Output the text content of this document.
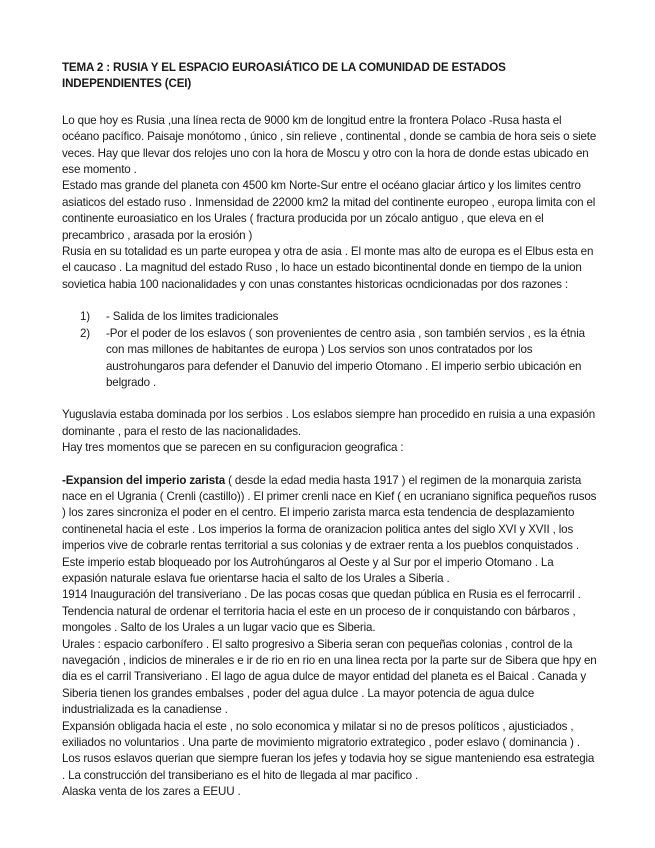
TEMA 2 : RUSIA Y EL ESPACIO EUROASIÁTICO DE LA COMUNIDAD DE ESTADOS INDEPENDIENTES (CEI)

Lo que hoy es Rusia ,una línea recta de 9000 km de longitud entre la frontera Polaco -Rusa hasta el océano pacífico. Paisaje monótomo , único , sin relieve , continental , donde se cambia de hora seis o siete veces. Hay que llevar dos relojes uno con la hora de Moscu y otro con la hora de donde estas ubicado en ese momento .

Estado mas grande del planeta con 4500 km Norte-Sur entre el océano glaciar ártico y los limites centro asiaticos del estado ruso . Inmensidad de 22000 km2 la mitad del continente europeo , europa limita con el continente euroasiatico en los Urales ( fractura producida por un zócalo antiguo , que eleva en el precambrico , arasada por la erosión )

Rusia en su totalidad es un parte europea y otra de asia . El monte mas alto de europa es el Elbus esta en el caucaso . La magnitud del estado Ruso , lo hace un estado bicontinental donde en tiempo de la union sovietica habia 100 nacionalidades y con unas constantes historicas ocndicionadas por dos razones :

1)	- Salida de los limites tradicionales
2)	-Por el poder de los eslavos ( son provenientes de centro asia , son también servios , es la étnia con mas millones de habitantes de europa ) Los servios son unos contratados por los austrohungaros para defender el Danuvio del imperio Otomano . El imperio serbio ubicación en belgrado .

Yuguslavia estaba dominada por los serbios . Los eslabos siempre han procedido en ruisia a una expasión dominante , para el resto de las nacionalidades.

Hay tres momentos que se parecen en su configuracion geografica :

-Expansion del imperio zarista ( desde la edad media hasta 1917 ) el regimen de la monarquia zarista nace en el Ugrania ( Crenli (castillo)) . El primer crenli nace en Kief ( en ucraniano significa pequeños rusos ) los zares sincroniza el poder en el centro. El imperio zarista marca esta tendencia de desplazamiento continenetal hacia el este . Los imperios la forma de oranizacion politica antes del siglo XVI y XVII , los imperios vive de cobrarle rentas territorial a sus colonias y de extraer renta a los pueblos conquistados . Este imperio estab bloqueado por los Autrohúngaros al Oeste y al Sur por el imperio Otomano . La expasión naturale eslava fue orientarse hacia el salto de los Urales a Siberia .

1914 Inauguración del transiveriano . De las pocas cosas que quedan pública en Rusia es el ferrocarril . Tendencia natural de ordenar el territoria hacia el este en un proceso de ir conquistando con bárbaros , mongoles . Salto de los Urales a un lugar vacio que es Siberia.

Urales : espacio carbonífero . El salto progresivo a Siberia seran con pequeñas colonias , control de la navegación , indicios de minerales e ir de rio en rio en una linea recta por la parte sur de Sibera que hpy en dia es el carril Transiveriano . El lago de agua dulce de mayor entidad del planeta es el Baical . Canada y Siberia tienen los grandes embalses , poder del agua dulce . La mayor potencia de agua dulce industrializada es la canadiense .

Expansión obligada hacia el este , no solo economica y milatar si no de presos políticos , ajusticiados , exiliados no voluntarios . Una parte de movimiento migratorio extrategico , poder eslavo ( dominancia ) . Los rusos eslavos querian que siempre fueran los jefes y todavia hoy se sigue manteniendo esa estrategia . La construcción del transiberiano es el hito de llegada al mar pacifico .

Alaska venta de los zares a EEUU .
